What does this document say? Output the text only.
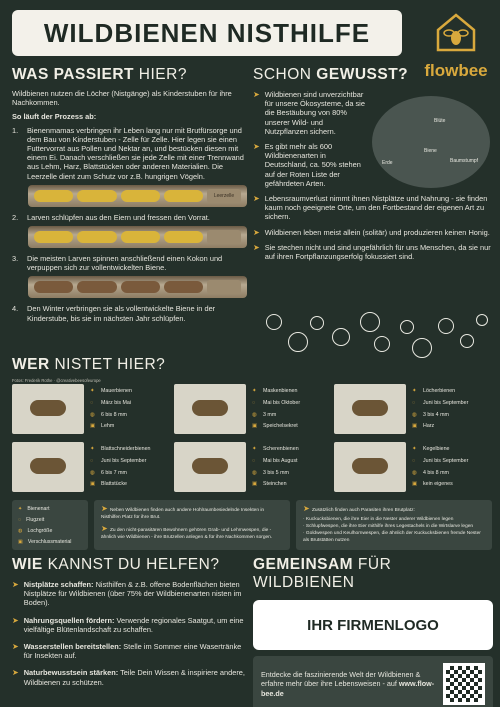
WILDBIENEN NISTHILFE
flowbee
WAS PASSIERT HIER?

Wildbienen nutzen die Löcher (Nistgänge) als Kinderstuben für ihre Nachkommen.

So läuft der Prozess ab:

1.	Bienenmamas verbringen ihr Leben lang nur mit Brutfürsorge und dem Bau von Kinderstuben - Zelle für Zelle. Hier legen sie einen Futtervorrat aus Pollen und Nektar an, und bestücken diesen mit einem Ei. Danach verschließen sie jede Zelle mit einer Trennwand aus Lehm, Harz, Blattstücken oder anderen Materialien. Die Leerzelle dient zum Schutz vor z.B. hungrigen Vögeln.
Leerzelle
2.	Larven schlüpfen aus den Eiern und fressen den Vorrat.
3.	Die meisten Larven spinnen anschließend einen Kokon und verpuppen sich zur vollentwickelten Biene.
4.	Den Winter verbringen sie als vollentwickelte Biene in der Kinderstube, bis sie im nächsten Jahr schlüpfen.
SCHON GEWUSST?
➤ Wildbienen sind unverzichtbar für unsere Ökosysteme, da sie die Bestäubung von 80% unserer Wild- und Nutzpflanzen sichern.
➤ Es gibt mehr als 600 Wildbienenarten in Deutschland, ca. 50% stehen auf der Roten Liste der gefährdeten Arten.
➤ Lebensraumverlust nimmt ihnen Nistplätze und Nahrung - sie finden kaum noch geeignete Orte, um den Fortbestand der eigenen Art zu sichern.
➤ Wildbienen leben meist allein (solitär) und produzieren keinen Honig.
➤ Sie stechen nicht und sind ungefährlich für uns Menschen, da sie nur auf ihren Fortpflanzungserfolg fokussiert sind.
Blüte
Biene
Erde	Baumstumpf
WER NISTET HIER?
Fotos: Frederik Rothe · @creativebeesofeurope
✦	Mauerbienen
◌	März bis Mai
◍	6 bis 8 mm
▣	Lehm
✦	Maskenbienen
◌	Mai bis Oktober
◍	3 mm
▣	Speichelsekret
✦	Löcherbienen
◌	Juni bis September
◍	3 bis 4 mm
▣	Harz
✦	Blattschneiderbienen
◌	Juni bis September
◍	6 bis 7 mm
▣	Blattstücke
✦	Scherenbienen
◌	Mai bis August
◍	3 bis 5 mm
▣	Steinchen
✦	Kegelbiene
◌	Juni bis September
◍	4 bis 8 mm
▣	kein eigenes
✦ Bienenart
◌ Flugzeit
◍ Lochgröße
▣ Verschlussmaterial
➤ Neben Wildbienen finden auch andere Hohlraumbesiedelnde Insekten in Nisthilfen Platz für ihre Brut.
➤ Zu den nicht-parasitären Bewohnern gehören Grab- und Lehmwespen, die - ähnlich wie Wildbienen - ihre Brutzellen anlegen & für ihre Nachkommen sorgen.
➤ Zusätzlich finden auch Parasiten ihren Brutplatz:
· Kuckucksbienen, die ihre Eier in die Nester anderer Wildbienen legen
· Schlupfwespen, die ihre Eier mithilfe ihres Legestachels in die Wirtslarve legen
· Goldwespen und Keulhornwespen, die ähnlich der Kuckucksbienen fremde Nester als Brutstätten nutzen
WIE KANNST DU HELFEN?
➤ Nistplätze schaffen: Nisthilfen & z.B. offene Bodenflächen bieten Nistplätze für Wildbienen (über 75% der Wildbienenarten nisten im Boden).
➤ Nahrungsquellen fördern: Verwende regionales Saatgut, um eine vielfältige Blütenlandschaft zu schaffen.
➤ Wasserstellen bereitstellen: Stelle im Sommer eine Wasertränke für Insekten auf.
➤ Naturbewusstsein stärken: Teile Dein Wissen & inspiriere andere, Wildbienen zu schützen.
GEMEINSAM FÜR WILDBIENEN
IHR FIRMENLOGO

Entdecke die faszinierende Welt der Wildbienen & erfahre mehr über ihre Lebensweisen - auf www.flow-bee.de
